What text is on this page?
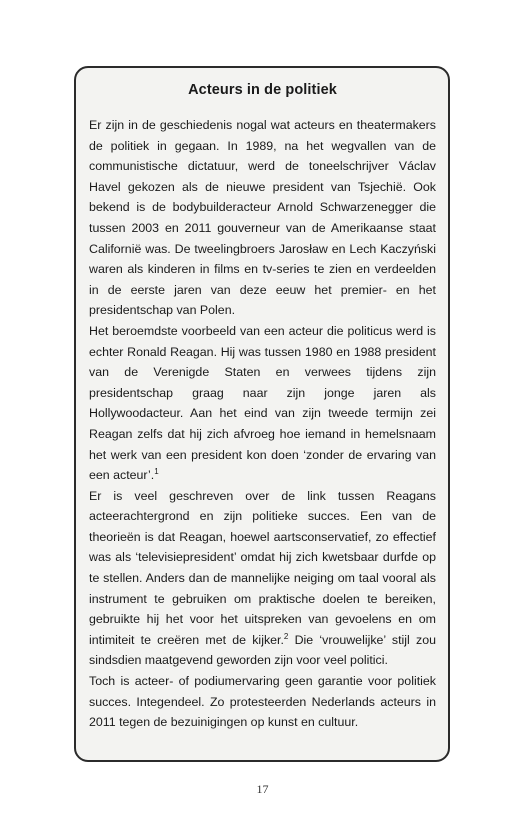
Acteurs in de politiek

Er zijn in de geschiedenis nogal wat acteurs en theatermakers de politiek in gegaan. In 1989, na het wegvallen van de communistische dictatuur, werd de toneelschrijver Václav Havel gekozen als de nieuwe president van Tsjechië. Ook bekend is de bodybuilderacteur Arnold Schwarzenegger die tussen 2003 en 2011 gouverneur van de Amerikaanse staat Californië was. De tweelingbroers Jarosław en Lech Kaczyński waren als kinderen in films en tv-series te zien en verdeelden in de eerste jaren van deze eeuw het premier- en het presidentschap van Polen.

Het beroemdste voorbeeld van een acteur die politicus werd is echter Ronald Reagan. Hij was tussen 1980 en 1988 president van de Verenigde Staten en verwees tijdens zijn presidentschap graag naar zijn jonge jaren als Hollywoodacteur. Aan het eind van zijn tweede termijn zei Reagan zelfs dat hij zich afvroeg hoe iemand in hemelsnaam het werk van een president kon doen ‘zonder de ervaring van een acteur’.$^1$

Er is veel geschreven over de link tussen Reagans acteerachtergrond en zijn politieke succes. Een van de theorieën is dat Reagan, hoewel aartsconservatief, zo effectief was als ‘televisiepresident’ omdat hij zich kwetsbaar durfde op te stellen. Anders dan de mannelijke neiging om taal vooral als instrument te gebruiken om praktische doelen te bereiken, gebruikte hij het voor het uitspreken van gevoelens en om intimiteit te creëren met de kijker.$^2$ Die ‘vrouwelijke’ stijl zou sindsdien maatgevend geworden zijn voor veel politici.

Toch is acteer- of podiumervaring geen garantie voor politiek succes. Integendeel. Zo protesteerden Nederlands acteurs in 2011 tegen de bezuinigingen op kunst en cultuur.

17
